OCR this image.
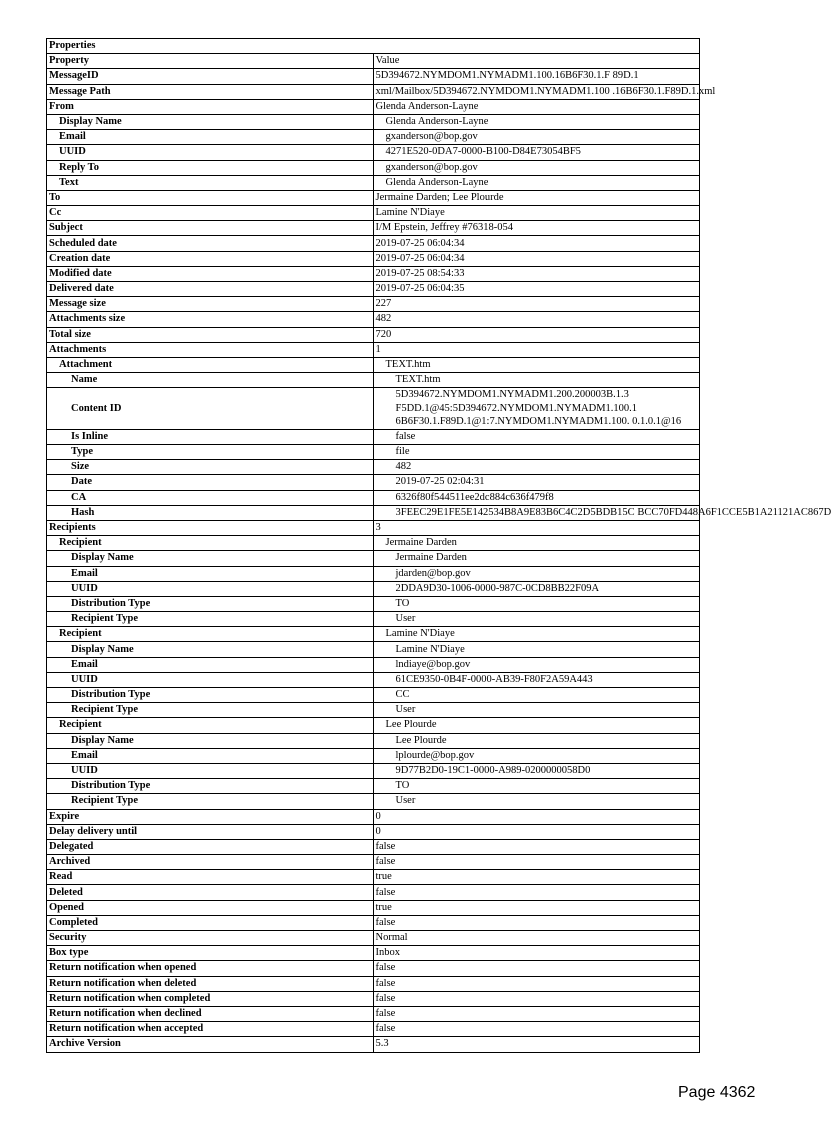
Properties	
Property	Value
MessageID	5D394672.NYMDOM1.NYMADM1.100.16B6F30.1.F 89D.1
Message Path	xml/Mailbox/5D394672.NYMDOM1.NYMADM1.100 .16B6F30.1.F89D.1.xml
From	Glenda Anderson-Layne
Display Name	Glenda Anderson-Layne
Email	gxanderson@bop.gov
UUID	4271E520-0DA7-0000-B100-D84E73054BF5
Reply To	gxanderson@bop.gov
Text	Glenda Anderson-Layne
To	Jermaine Darden; Lee Plourde
Cc	Lamine N'Diaye
Subject	I/M Epstein, Jeffrey #76318-054
Scheduled date	2019-07-25 06:04:34
Creation date	2019-07-25 06:04:34
Modified date	2019-07-25 08:54:33
Delivered date	2019-07-25 06:04:35
Message size	227
Attachments size	482
Total size	720
Attachments	1
Attachment	TEXT.htm
Name	TEXT.htm
Content ID	5D394672.NYMDOM1.NYMADM1.200.200003B.1.3
F5DD.1@45:5D394672.NYMDOM1.NYMADM1.100.1
6B6F30.1.F89D.1@1:7.NYMDOM1.NYMADM1.100. 0.1.0.1@16
Is Inline	false
Type	file
Size	482
Date	2019-07-25 02:04:31
CA	6326f80f544511ee2dc884c636f479f8
Hash	3FEEC29E1FE5E142534B8A9E83B6C4C2D5BDB15C BCC70FD448A6F1CCE5B1A21121AC867D
Recipients	3
Recipient	Jermaine Darden
Display Name	Jermaine Darden
Email	jdarden@bop.gov
UUID	2DDA9D30-1006-0000-987C-0CD8BB22F09A
Distribution Type	TO
Recipient Type	User
Recipient	Lamine N'Diaye
Display Name	Lamine N'Diaye
Email	lndiaye@bop.gov
UUID	61CE9350-0B4F-0000-AB39-F80F2A59A443
Distribution Type	CC
Recipient Type	User
Recipient	Lee Plourde
Display Name	Lee Plourde
Email	lplourde@bop.gov
UUID	9D77B2D0-19C1-0000-A989-0200000058D0
Distribution Type	TO
Recipient Type	User
Expire	0
Delay delivery until	0
Delegated	false
Archived	false
Read	true
Deleted	false
Opened	true
Completed	false
Security	Normal
Box type	Inbox
Return notification when opened	false
Return notification when deleted	false
Return notification when completed	false
Return notification when declined	false
Return notification when accepted	false
Archive Version	5.3
Page 4362
